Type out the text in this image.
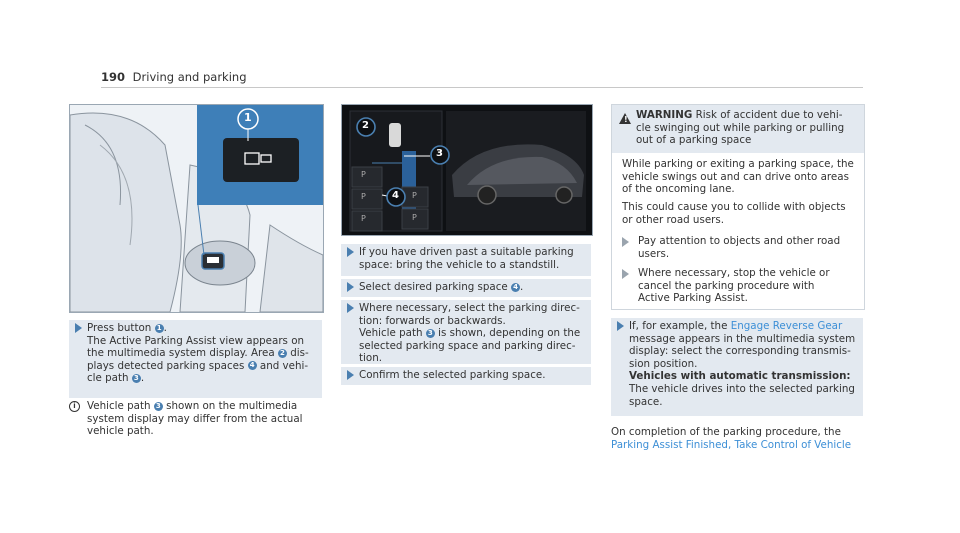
190 Driving and parking
1
2
3
4
P
P
P
P
P
Press button 1 .
The Active Parking Assist view appears on
the multimedia system display. Area 2 dis-
plays detected parking spaces 4 and vehi-
cle path 3 .
i	Vehicle path 3 shown on the multimedia
system display may differ from the actual
vehicle path.
If you have driven past a suitable parking
space: bring the vehicle to a standstill.
Select desired parking space 4 .
Where necessary, select the parking direc-
tion: forwards or backwards.
Vehicle path 3 is shown, depending on the
selected parking space and parking direc-
tion.
Confirm the selected parking space.
! WARNING Risk of accident due to vehi-
cle swinging out while parking or pulling
out of a parking space
While parking or exiting a parking space, the
vehicle swings out and can drive onto areas
of the oncoming lane.
This could cause you to collide with objects
or other road users.
Pay attention to objects and other road
users.
Where necessary, stop the vehicle or
cancel the parking procedure with
Active Parking Assist.
If, for example, the Engage Reverse Gear
message appears in the multimedia system
display: select the corresponding transmis-
sion position.
Vehicles with automatic transmission:
The vehicle drives into the selected parking
space.
On completion of the parking procedure, the
Parking Assist Finished, Take Control of Vehicle
